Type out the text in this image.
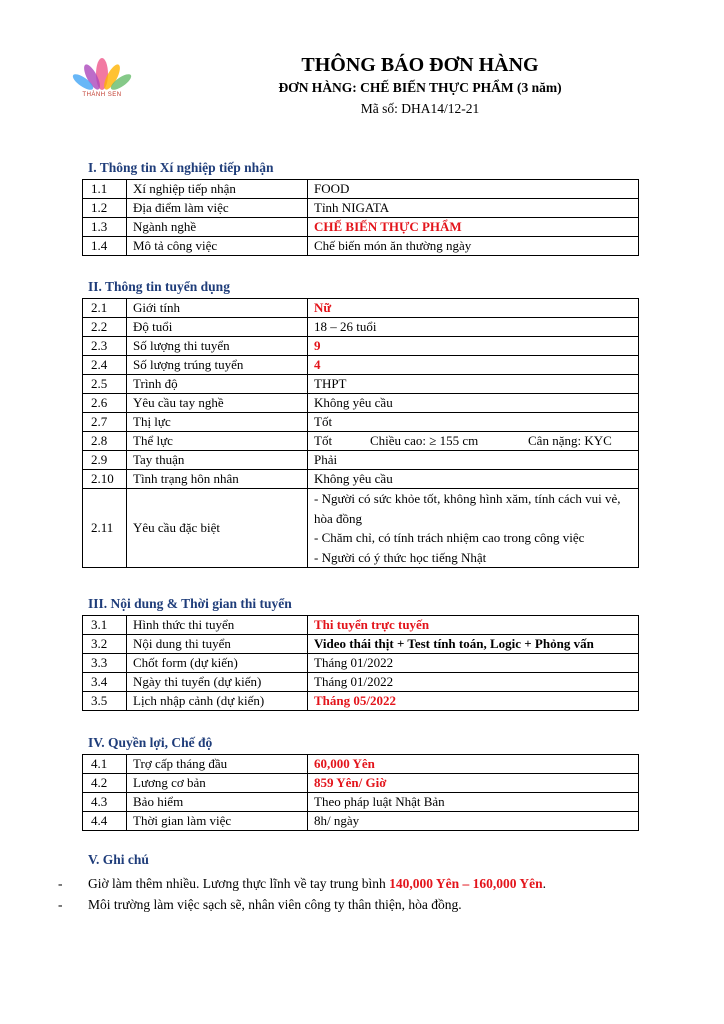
THÀNH SEN
THÔNG BÁO ĐƠN HÀNG
ĐƠN HÀNG: CHẾ BIẾN THỰC PHẨM (3 năm)
Mã số: DHA14/12-21
I. Thông tin Xí nghiệp tiếp nhận
1.1	Xí nghiệp tiếp nhận	FOOD
1.2	Địa điểm làm việc	Tỉnh NIGATA
1.3	Ngành nghề	CHẾ BIẾN THỰC PHẨM
1.4	Mô tả công việc	Chế biến món ăn thường ngày
II. Thông tin tuyển dụng
2.1	Giới tính	Nữ
2.2	Độ tuổi	18 – 26 tuổi
2.3	Số lượng thi tuyển	9
2.4	Số lượng trúng tuyển	4
2.5	Trình độ	THPT
2.6	Yêu cầu tay nghề	Không yêu cầu
2.7	Thị lực	Tốt
2.8	Thể lực	Tốt Chiều cao: ≥ 155 cm Cân nặng: KYC

2.9	Tay thuận	Phải
2.10	Tình trạng hôn nhân	Không yêu cầu
2.11	Yêu cầu đặc biệt	- Người có sức khỏe tốt, không hình xăm, tính cách vui vẻ, hòa đồng
- Chăm chỉ, có tính trách nhiệm cao trong công việc
- Người có ý thức học tiếng Nhật
III. Nội dung & Thời gian thi tuyển
3.1	Hình thức thi tuyển	Thi tuyển trực tuyến
3.2	Nội dung thi tuyển	Video thái thịt + Test tính toán, Logic + Phỏng vấn
3.3	Chốt form (dự kiến)	Tháng 01/2022
3.4	Ngày thi tuyển (dự kiến)	Tháng 01/2022
3.5	Lịch nhập cảnh (dự kiến)	Tháng 05/2022
IV. Quyền lợi, Chế độ
4.1	Trợ cấp tháng đầu	60,000 Yên
4.2	Lương cơ bản	859 Yên/ Giờ
4.3	Bảo hiểm	Theo pháp luật Nhật Bản
4.4	Thời gian làm việc	8h/ ngày
V. Ghi chú
- Giờ làm thêm nhiều. Lương thực lĩnh về tay trung bình 140,000 Yên – 160,000 Yên.
- Môi trường làm việc sạch sẽ, nhân viên công ty thân thiện, hòa đồng.
